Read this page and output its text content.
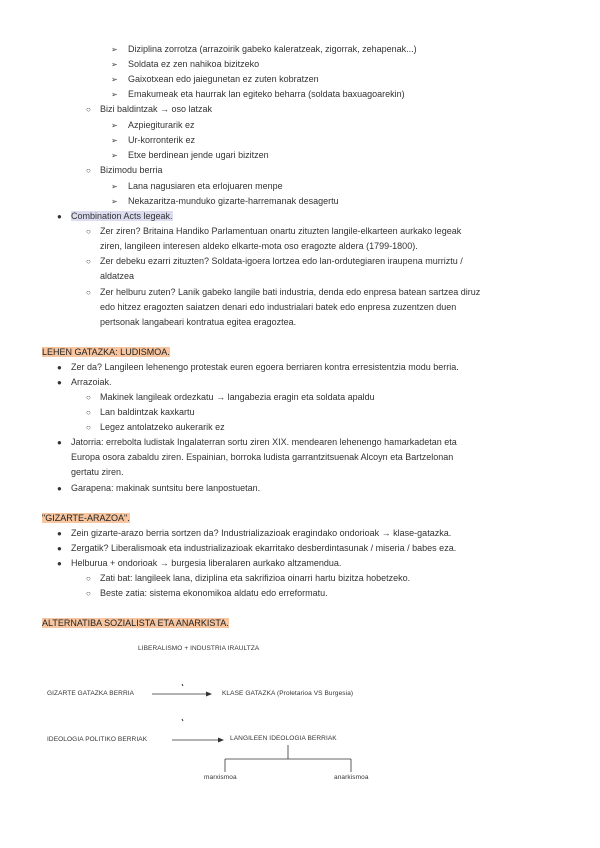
➢ Diziplina zorrotza (arrazoirik gabeko kaleratzeak, zigorrak, zehapenak...)
➢ Soldata ez zen nahikoa bizitzeko
➢ Gaixotxean edo jaiegunetan ez zuten kobratzen
➢ Emakumeak eta haurrak lan egiteko beharra (soldata baxuagoarekin)
○ Bizi baldintzak → oso latzak
➢ Azpiegiturarik ez
➢ Ur-korronterik ez
➢ Etxe berdinean jende ugari bizitzen
○ Bizimodu berria
➢ Lana nagusiaren eta erlojuaren menpe
➢ Nekazaritza-munduko gizarte-harremanak desagertu
● Combination Acts legeak.
○ Zer ziren? Britaina Handiko Parlamentuan onartu zituzten langile-elkarteen aurkako legeak
ziren, langileen interesen aldeko elkarte-mota oso eragozte aldera (1799-1800).
○ Zer debeku ezarri zituzten? Soldata-igoera lortzea edo lan-ordutegiaren iraupena murriztu /
aldatzea
○ Zer helburu zuten? Lanik gabeko langile bati industria, denda edo enpresa batean sartzea diruz
edo hitzez eragozten saiatzen denari edo industrialari batek edo enpresa zuzentzen duen
pertsonak langabeari kontratua egitea eragoztea.
LEHEN GATAZKA: LUDISMOA.
● Zer da? Langileen lehenengo protestak euren egoera berriaren kontra erresistentzia modu berria.
● Arrazoiak.
○ Makinek langileak ordezkatu → langabezia eragin eta soldata apaldu
○ Lan baldintzak kaxkartu
○ Legez antolatzeko aukerarik ez
● Jatorria: errebolta ludistak Ingalaterran sortu ziren XIX. mendearen lehenengo hamarkadetan eta
Europa osora zabaldu ziren. Espainian, borroka ludista garrantzitsuenak Alcoyn eta Bartzelonan
gertatu ziren.
● Garapena: makinak suntsitu bere lanpostuetan.
"GIZARTE-ARAZOA".
● Zein gizarte-arazo berria sortzen da? Industrializazioak eragindako ondorioak → klase-gatazka.
● Zergatik? Liberalismoak eta industrializazioak ekarritako desberdintasunak / miseria / babes eza.
● Helburua + ondorioak → burgesia liberalaren aurkako altzamendua.
○ Zati bat: langileek lana, diziplina eta sakrifizioa oinarri hartu bizitza hobetzeko.
○ Beste zatia: sistema ekonomikoa aldatu edo erreformatu.
ALTERNATIBA SOZIALISTA ETA ANARKISTA.
LIBERALISMO + INDUSTRIA IRAULTZA
GIZARTE GATAZKA BERRIA	KLASE GATAZKA (Proletarioa VS Burgesia)
IDEOLOGIA POLITIKO BERRIAK	LANGILEEN IDEOLOGIA BERRIAK
marxismoa	anarkismoa
